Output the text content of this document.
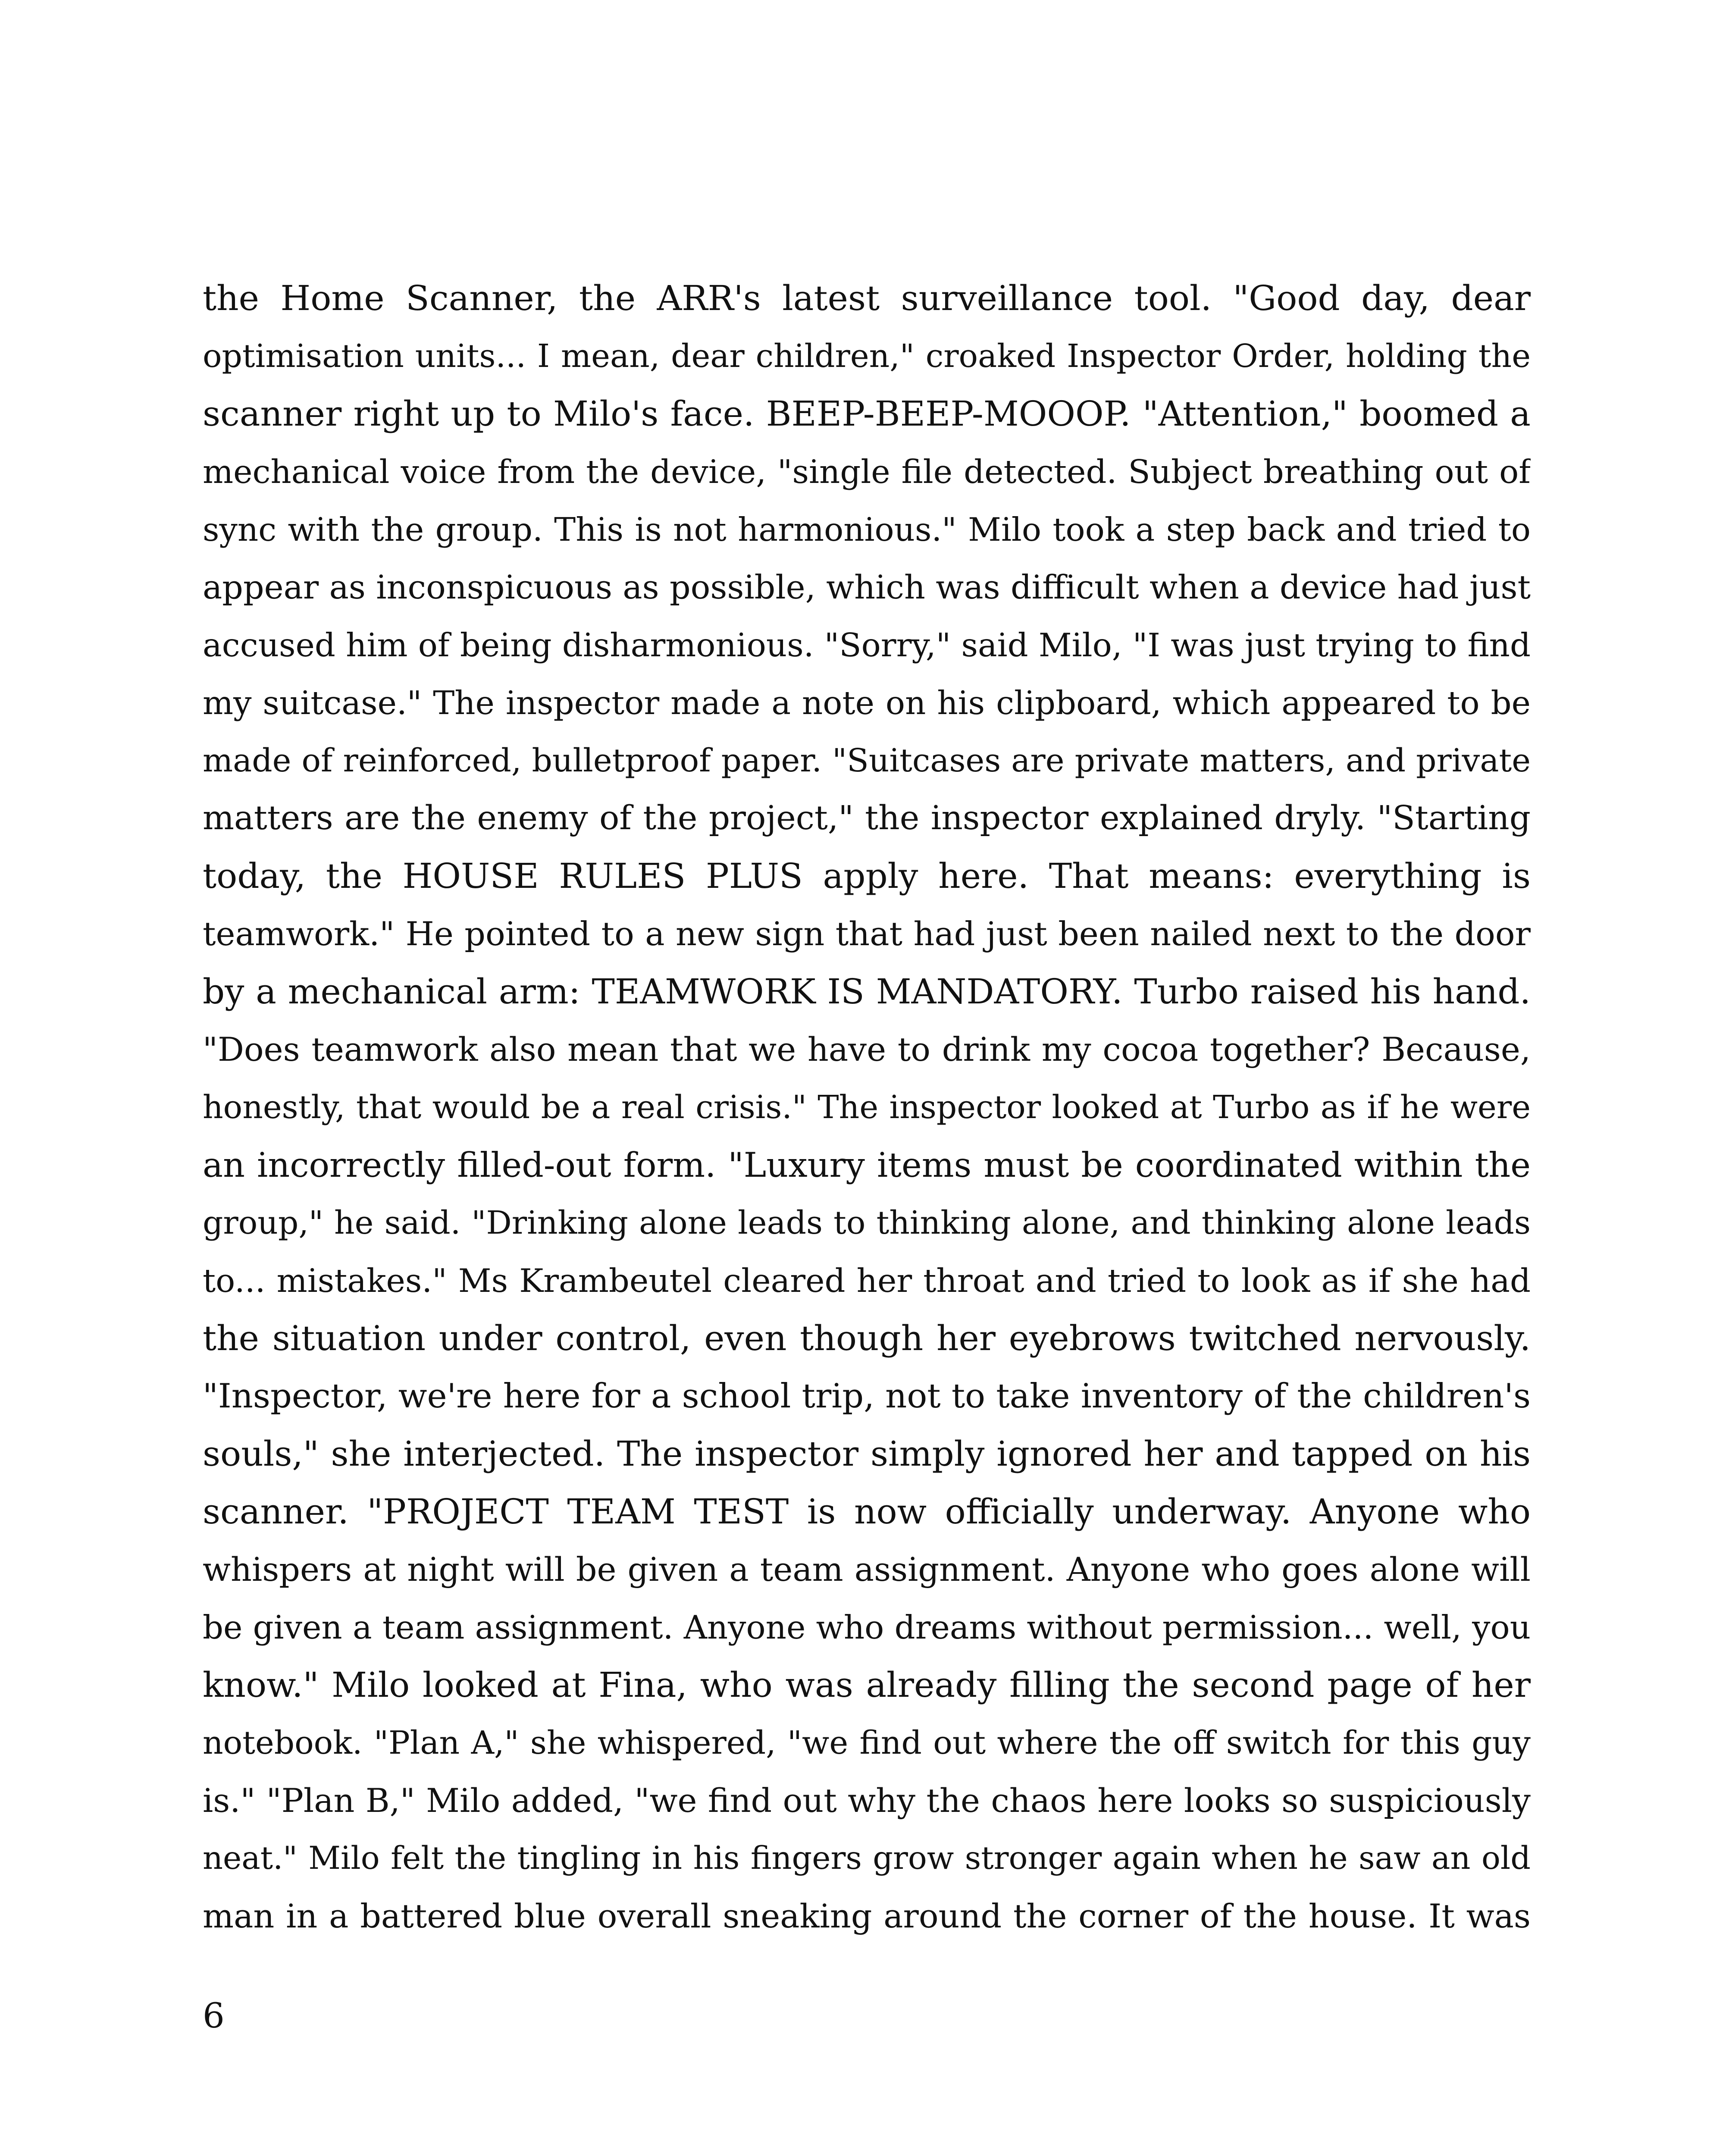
the Home Scanner, the ARR's latest surveillance tool. "Good day, dear
optimisation units... I mean, dear children," croaked Inspector Order, holding the
scanner right up to Milo's face. BEEP-BEEP-MOOOP. "Attention," boomed a
mechanical voice from the device, "single file detected. Subject breathing out of
sync with the group. This is not harmonious." Milo took a step back and tried to
appear as inconspicuous as possible, which was difficult when a device had just
accused him of being disharmonious. "Sorry," said Milo, "I was just trying to find
my suitcase." The inspector made a note on his clipboard, which appeared to be
made of reinforced, bulletproof paper. "Suitcases are private matters, and private
matters are the enemy of the project," the inspector explained dryly. "Starting
today, the HOUSE RULES PLUS apply here. That means: everything is
teamwork." He pointed to a new sign that had just been nailed next to the door
by a mechanical arm: TEAMWORK IS MANDATORY. Turbo raised his hand.
"Does teamwork also mean that we have to drink my cocoa together? Because,
honestly, that would be a real crisis." The inspector looked at Turbo as if he were
an incorrectly filled-out form. "Luxury items must be coordinated within the
group," he said. "Drinking alone leads to thinking alone, and thinking alone leads
to... mistakes." Ms Krambeutel cleared her throat and tried to look as if she had
the situation under control, even though her eyebrows twitched nervously.
"Inspector, we're here for a school trip, not to take inventory of the children's
souls," she interjected. The inspector simply ignored her and tapped on his
scanner. "PROJECT TEAM TEST is now officially underway. Anyone who
whispers at night will be given a team assignment. Anyone who goes alone will
be given a team assignment. Anyone who dreams without permission... well, you
know." Milo looked at Fina, who was already filling the second page of her
notebook. "Plan A," she whispered, "we find out where the off switch for this guy
is." "Plan B," Milo added, "we find out why the chaos here looks so suspiciously
neat." Milo felt the tingling in his fingers grow stronger again when he saw an old
man in a battered blue overall sneaking around the corner of the house. It was
6
